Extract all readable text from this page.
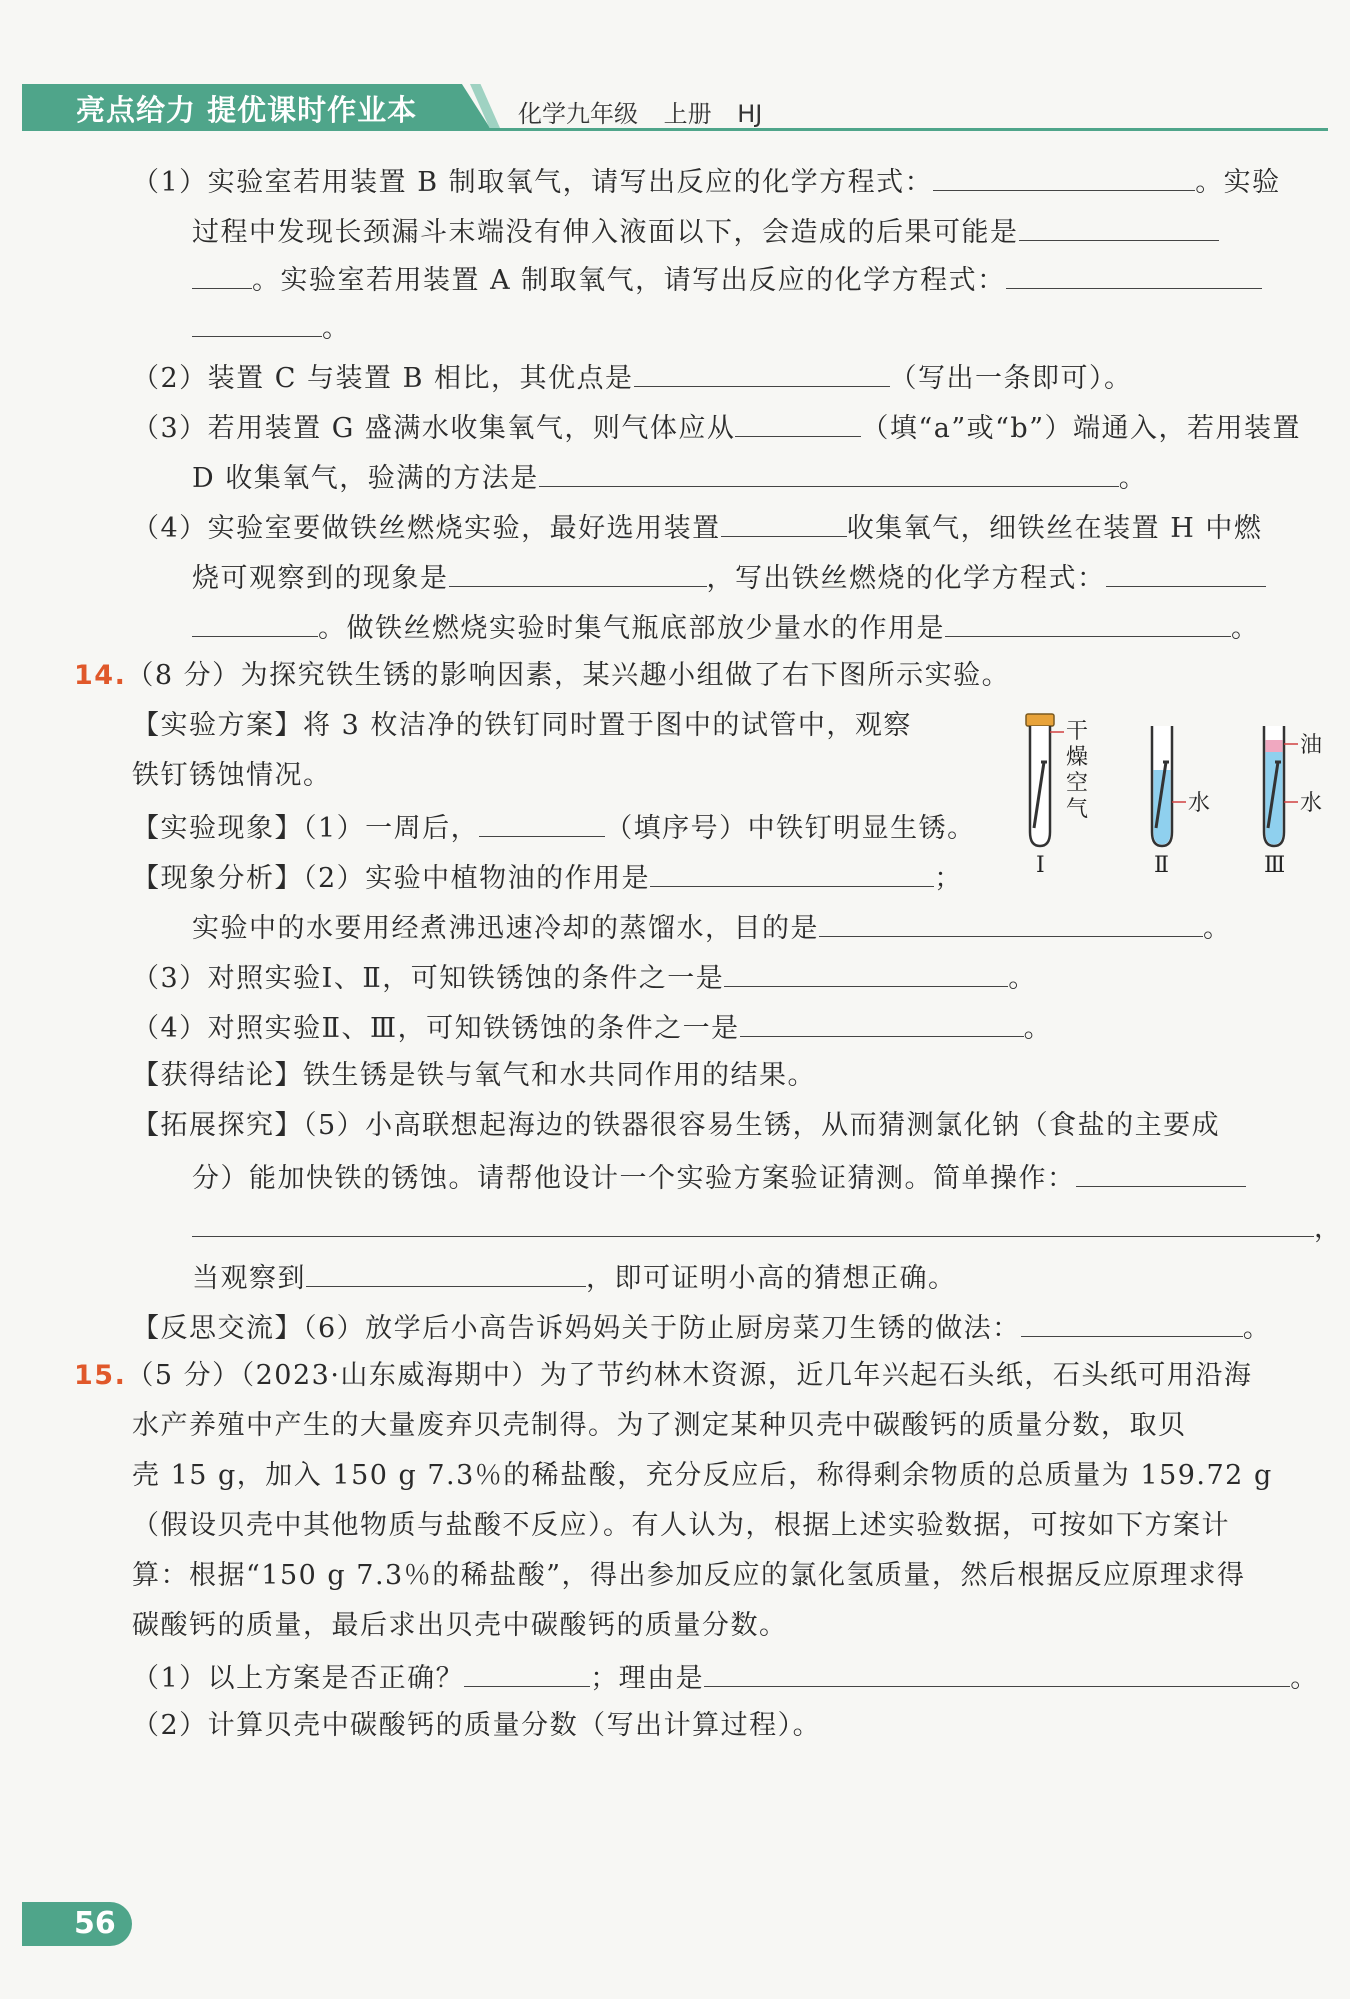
亮点给力 提优课时作业本	化学九年级 上册 HJ
（1）实验室若用装置 B 制取氧气，请写出反应的化学方程式：	。实验
过程中发现长颈漏斗末端没有伸入液面以下，会造成的后果可能是
。实验室若用装置 A 制取氧气，请写出反应的化学方程式：
。
（2）装置 C 与装置 B 相比，其优点是	（写出一条即可）。
（3）若用装置 G 盛满水收集氧气，则气体应从	（填“a”或“b”）端通入，若用装置
D 收集氧气，验满的方法是	。
（4）实验室要做铁丝燃烧实验，最好选用装置	收集氧气，细铁丝在装置 H 中燃
烧可观察到的现象是	，写出铁丝燃烧的化学方程式：
。做铁丝燃烧实验时集气瓶底部放少量水的作用是	。
14.（8 分）为探究铁生锈的影响因素，某兴趣小组做了右下图所示实验。
【实验方案】将 3 枚洁净的铁钉同时置于图中的试管中，观察
铁钉锈蚀情况。
【实验现象】（1）一周后，	（填序号）中铁钉明显生锈。
【现象分析】（2）实验中植物油的作用是	；
实验中的水要用经煮沸迅速冷却的蒸馏水，目的是	。
（3）对照实验Ⅰ、Ⅱ，可知铁锈蚀的条件之一是	。
（4）对照实验Ⅱ、Ⅲ，可知铁锈蚀的条件之一是	。
【获得结论】铁生锈是铁与氧气和水共同作用的结果。
【拓展探究】（5）小高联想起海边的铁器很容易生锈，从而猜测氯化钠（食盐的主要成
分）能加快铁的锈蚀。请帮他设计一个实验方案验证猜测。简单操作：
，
当观察到	，即可证明小高的猜想正确。
【反思交流】（6）放学后小高告诉妈妈关于防止厨房菜刀生锈的做法：	。
干
燥
空
气
Ⅰ
水
Ⅱ
油
水
Ⅲ
15.（5 分）（2023·山东威海期中）为了节约林木资源，近几年兴起石头纸，石头纸可用沿海
水产养殖中产生的大量废弃贝壳制得。为了测定某种贝壳中碳酸钙的质量分数，取贝
壳 15 g，加入 150 g 7.3％的稀盐酸，充分反应后，称得剩余物质的总质量为 159.72 g
（假设贝壳中其他物质与盐酸不反应）。有人认为，根据上述实验数据，可按如下方案计
算：根据“150 g 7.3％的稀盐酸”，得出参加反应的氯化氢质量，然后根据反应原理求得
碳酸钙的质量，最后求出贝壳中碳酸钙的质量分数。
（1）以上方案是否正确？	；理由是	。
（2）计算贝壳中碳酸钙的质量分数（写出计算过程）。
56
